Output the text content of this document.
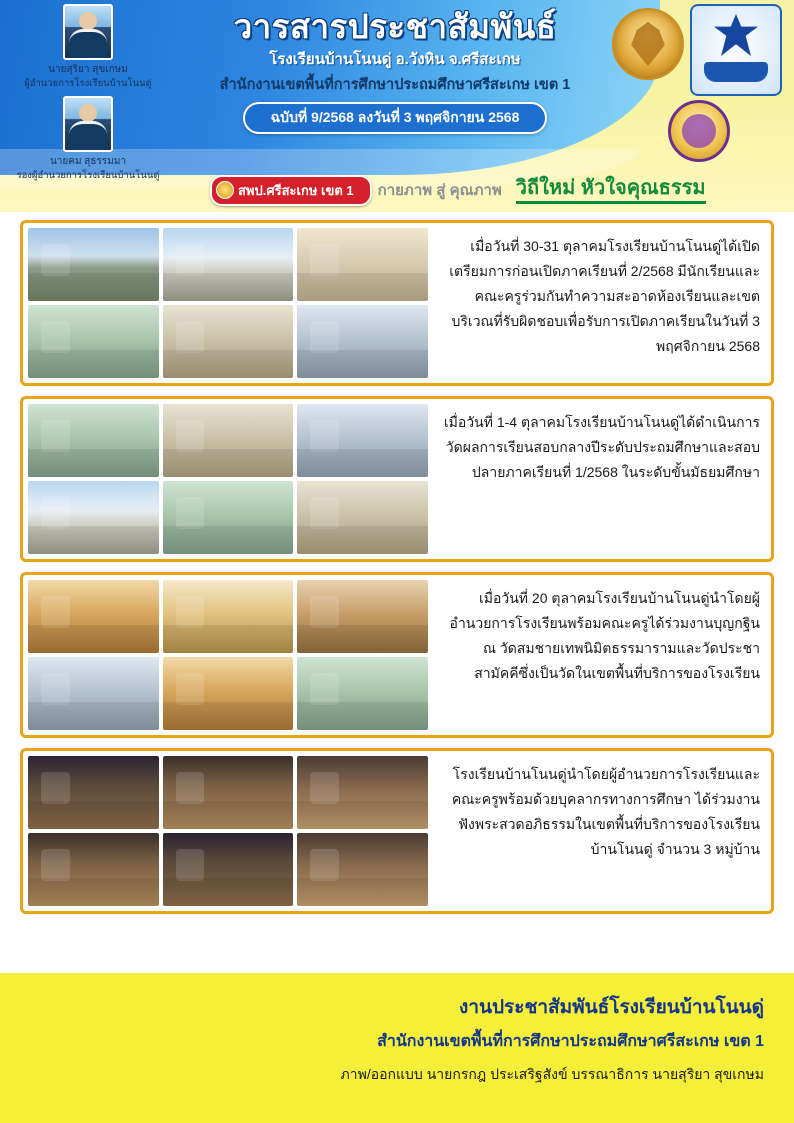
นายสุริยา สุขเกษม
ผู้อำนวยการโรงเรียนบ้านโนนดู่
นายคม สุธรรมมา
รองผู้อำนวยการโรงเรียนบ้านโนนดู่
วารสารประชาสัมพันธ์
โรงเรียนบ้านโนนดู่ อ.วังหิน จ.ศรีสะเกษ
สำนักงานเขตพื้นที่การศึกษาประถมศึกษาศรีสะเกษ เขต 1
ฉบับที่ 9/2568 ลงวันที่ 3 พฤศจิกายน 2568
สพป.ศรีสะเกษ เขต 1	กายภาพ สู่ คุณภาพ วิถีใหม่ หัวใจคุณธรรม
เมื่อวันที่ 30-31 ตุลาคมโรงเรียนบ้านโนนดู่ได้เปิดเตรียมการก่อนเปิดภาคเรียนที่ 2/2568 มีนักเรียนและคณะครูร่วมกันทำความสะอาดห้องเรียนและเขตบริเวณที่รับผิดชอบเพื่อรับการเปิดภาคเรียนในวันที่ 3 พฤศจิกายน 2568
เมื่อวันที่ 1-4 ตุลาคมโรงเรียนบ้านโนนดู่ได้ดำเนินการวัดผลการเรียนสอบกลางปีระดับประถมศึกษาและสอบปลายภาคเรียนที่ 1/2568 ในระดับขั้นมัธยมศึกษา
เมื่อวันที่ 20 ตุลาคมโรงเรียนบ้านโนนดู่นำโดยผู้อำนวยการโรงเรียนพร้อมคณะครูได้ร่วมงานบุญกฐิน ณ วัดสมชายเทพนิมิตธรรมารามและวัดประชาสามัคคีซึ่งเป็นวัดในเขตพื้นที่บริการของโรงเรียน
โรงเรียนบ้านโนนดู่นำโดยผู้อำนวยการโรงเรียนและคณะครูพร้อมด้วยบุคลากรทางการศึกษา ได้ร่วมงานฟังพระสวดอภิธรรมในเขตพื้นที่บริการของโรงเรียนบ้านโนนดู่ จำนวน 3 หมู่บ้าน
งานประชาสัมพันธ์โรงเรียนบ้านโนนดู่
สำนักงานเขตพื้นที่การศึกษาประถมศึกษาศรีสะเกษ เขต 1
ภาพ/ออกแบบ นายกรกฎ ประเสริฐสังข์ บรรณาธิการ นายสุริยา สุขเกษม
